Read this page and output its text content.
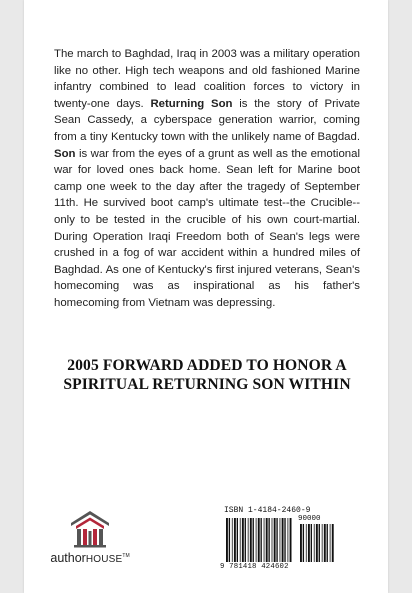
The march to Baghdad, Iraq in 2003 was a military operation like no other. High tech weapons and old fashioned Marine infantry combined to lead coalition forces to victory in twenty-one days. Returning Son is the story of Private Sean Cassedy, a cyberspace generation warrior, coming from a tiny Kentucky town with the unlikely name of Bagdad. Son is war from the eyes of a grunt as well as the emotional war for loved ones back home. Sean left for Marine boot camp one week to the day after the tragedy of September 11th. He survived boot camp's ultimate test--the Crucible--only to be tested in the crucible of his own court-martial. During Operation Iraqi Freedom both of Sean's legs were crushed in a fog of war accident within a hundred miles of Baghdad. As one of Kentucky's first injured veterans, Sean's homecoming was as inspirational as his father's homecoming from Vietnam was depressing.
2005 FORWARD ADDED TO HONOR A
SPIRITUAL RETURNING SON WITHIN
authorHOUSE™
ISBN 1-4184-2460-9
90000
9 781418 424602
